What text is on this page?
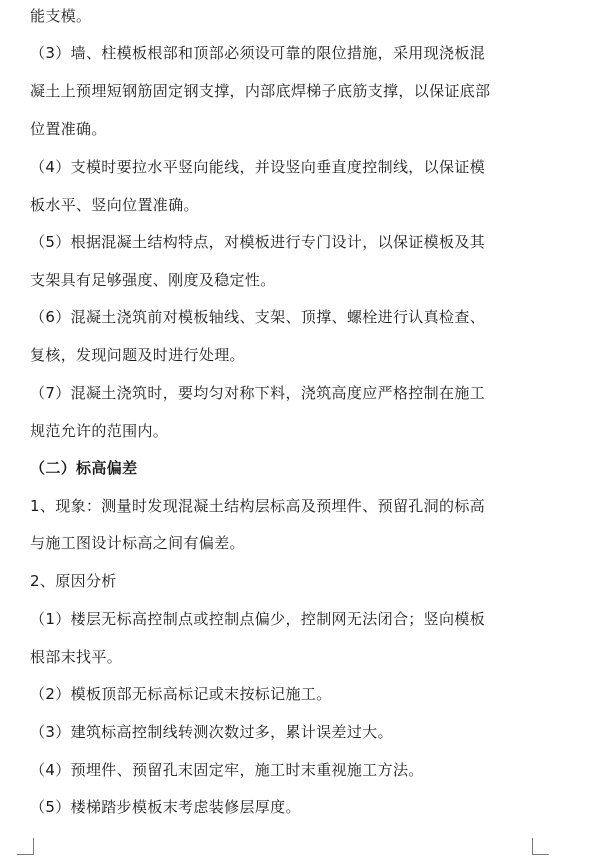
能支模。
（3）墙、柱模板根部和顶部必须设可靠的限位措施，采用现浇板混
凝土上预埋短钢筋固定钢支撑，内部底焊梯子底筋支撑，以保证底部
位置准确。
（4）支模时要拉水平竖向能线，并设竖向垂直度控制线，以保证模
板水平、竖向位置准确。
（5）根据混凝土结构特点，对模板进行专门设计，以保证模板及其
支架具有足够强度、刚度及稳定性。
（6）混凝土浇筑前对模板轴线、支架、顶撑、螺栓进行认真检查、
复核，发现问题及时进行处理。
（7）混凝土浇筑时，要均匀对称下料，浇筑高度应严格控制在施工
规范允许的范围内。
（二）标高偏差
1、现象：测量时发现混凝土结构层标高及预埋件、预留孔洞的标高
与施工图设计标高之间有偏差。
2、原因分析
（1）楼层无标高控制点或控制点偏少，控制网无法闭合；竖向模板
根部末找平。
（2）模板顶部无标高标记或末按标记施工。
（3）建筑标高控制线转测次数过多，累计误差过大。
（4）预埋件、预留孔末固定牢，施工时末重视施工方法。
（5）楼梯踏步模板末考虑装修层厚度。
